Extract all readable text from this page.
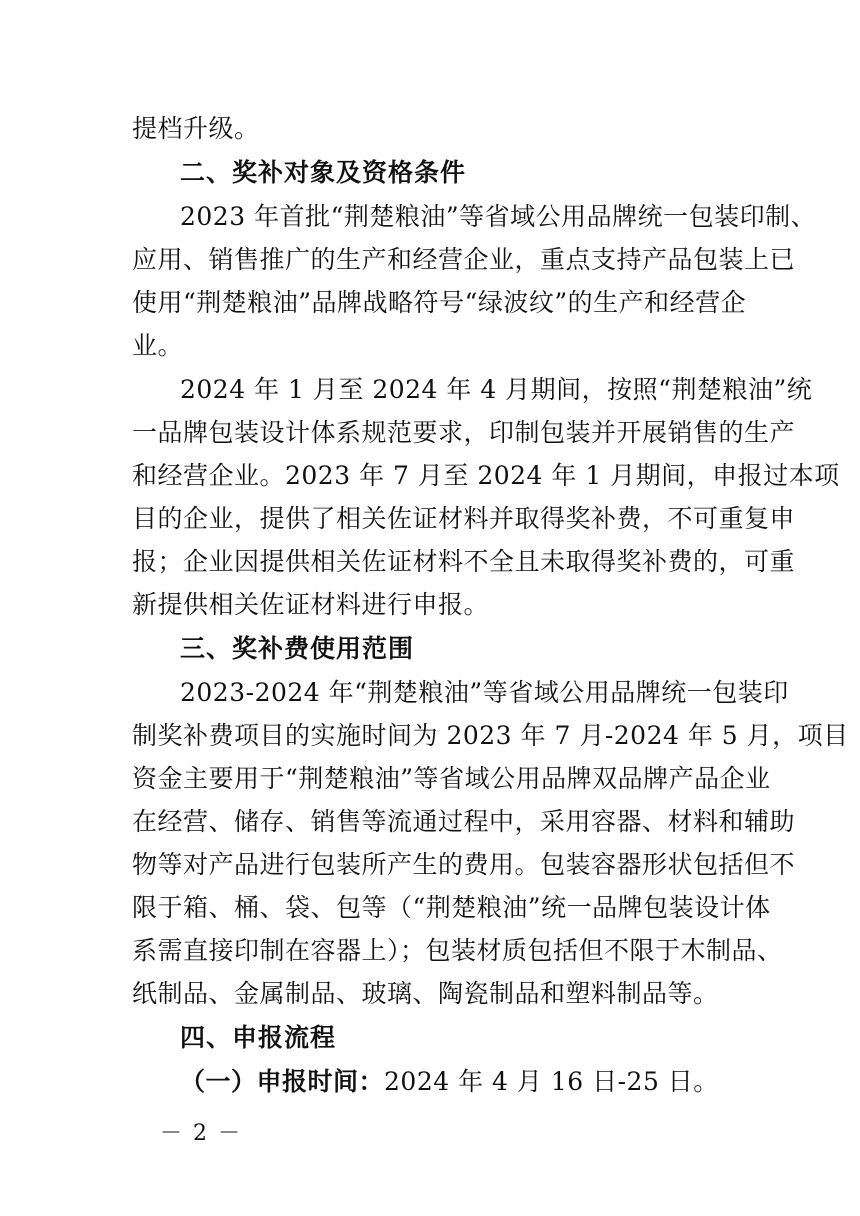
提档升级。
二、奖补对象及资格条件
2023 年首批“荆楚粮油”等省域公用品牌统一包装印制、
应用、销售推广的生产和经营企业，重点支持产品包装上已
使用“荆楚粮油”品牌战略符号“绿波纹”的生产和经营企
业。
2024 年 1 月至 2024 年 4 月期间，按照“荆楚粮油”统
一品牌包装设计体系规范要求，印制包装并开展销售的生产
和经营企业。2023 年 7 月至 2024 年 1 月期间，申报过本项
目的企业，提供了相关佐证材料并取得奖补费，不可重复申
报；企业因提供相关佐证材料不全且未取得奖补费的，可重
新提供相关佐证材料进行申报。
三、奖补费使用范围
2023-2024 年“荆楚粮油”等省域公用品牌统一包装印
制奖补费项目的实施时间为 2023 年 7 月-2024 年 5 月，项目
资金主要用于“荆楚粮油”等省域公用品牌双品牌产品企业
在经营、储存、销售等流通过程中，采用容器、材料和辅助
物等对产品进行包装所产生的费用。包装容器形状包括但不
限于箱、桶、袋、包等（“荆楚粮油”统一品牌包装设计体
系需直接印制在容器上）；包装材质包括但不限于木制品、
纸制品、金属制品、玻璃、陶瓷制品和塑料制品等。
四、申报流程
（一）申报时间：2024 年 4 月 16 日-25 日。
－ 2 －
